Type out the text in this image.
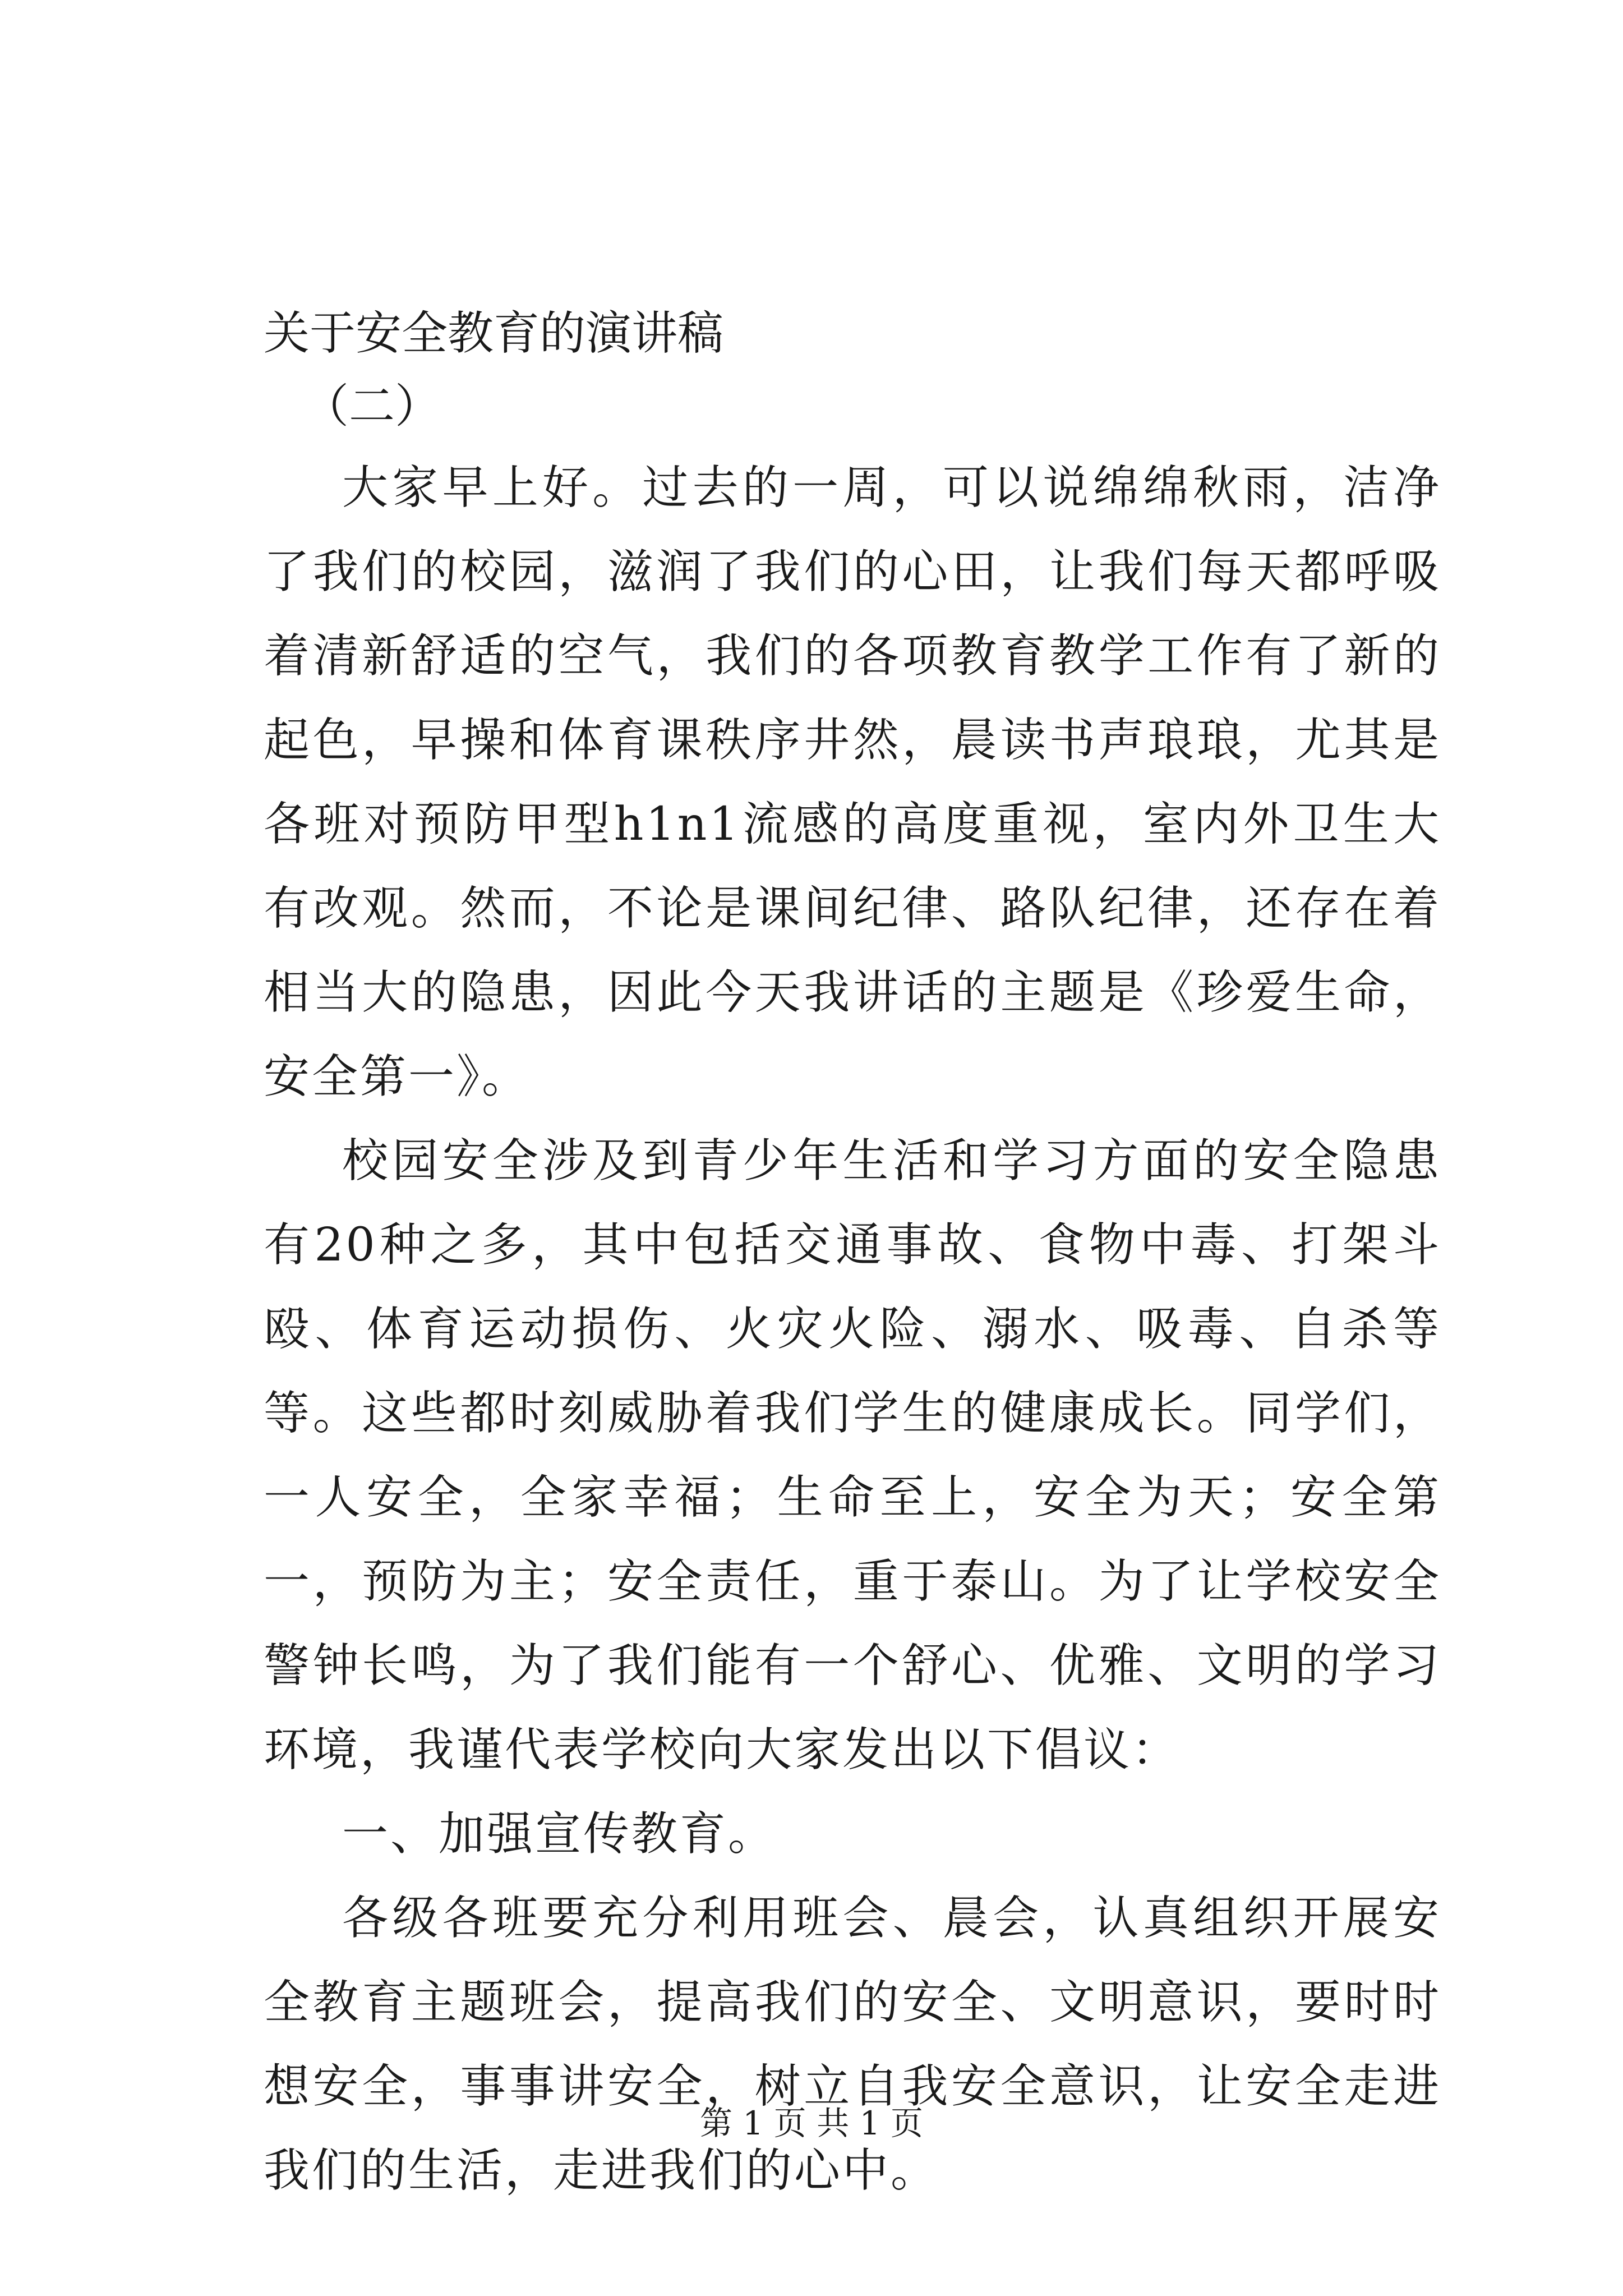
关于安全教育的演讲稿

（二）

大家早上好。过去的一周，可以说绵绵秋雨，洁净了我们的校园，滋润了我们的心田，让我们每天都呼吸着清新舒适的空气，我们的各项教育教学工作有了新的起色，早操和体育课秩序井然，晨读书声琅琅，尤其是各班对预防甲型h1n1流感的高度重视，室内外卫生大有改观。然而，不论是课间纪律、路队纪律，还存在着相当大的隐患，因此今天我讲话的主题是《珍爱生命，安全第一》。

校园安全涉及到青少年生活和学习方面的安全隐患有20种之多，其中包括交通事故、食物中毒、打架斗殴、体育运动损伤、火灾火险、溺水、吸毒、自杀等等。这些都时刻威胁着我们学生的健康成长。同学们，一人安全，全家幸福；生命至上，安全为天；安全第一，预防为主；安全责任，重于泰山。为了让学校安全警钟长鸣，为了我们能有一个舒心、优雅、文明的学习环境，我谨代表学校向大家发出以下倡议：

一、加强宣传教育。

各级各班要充分利用班会、晨会，认真组织开展安全教育主题班会，提高我们的安全、文明意识，要时时想安全，事事讲安全，树立自我安全意识，让安全走进我们的生活，走进我们的心中。

第 1 页 共 1 页
